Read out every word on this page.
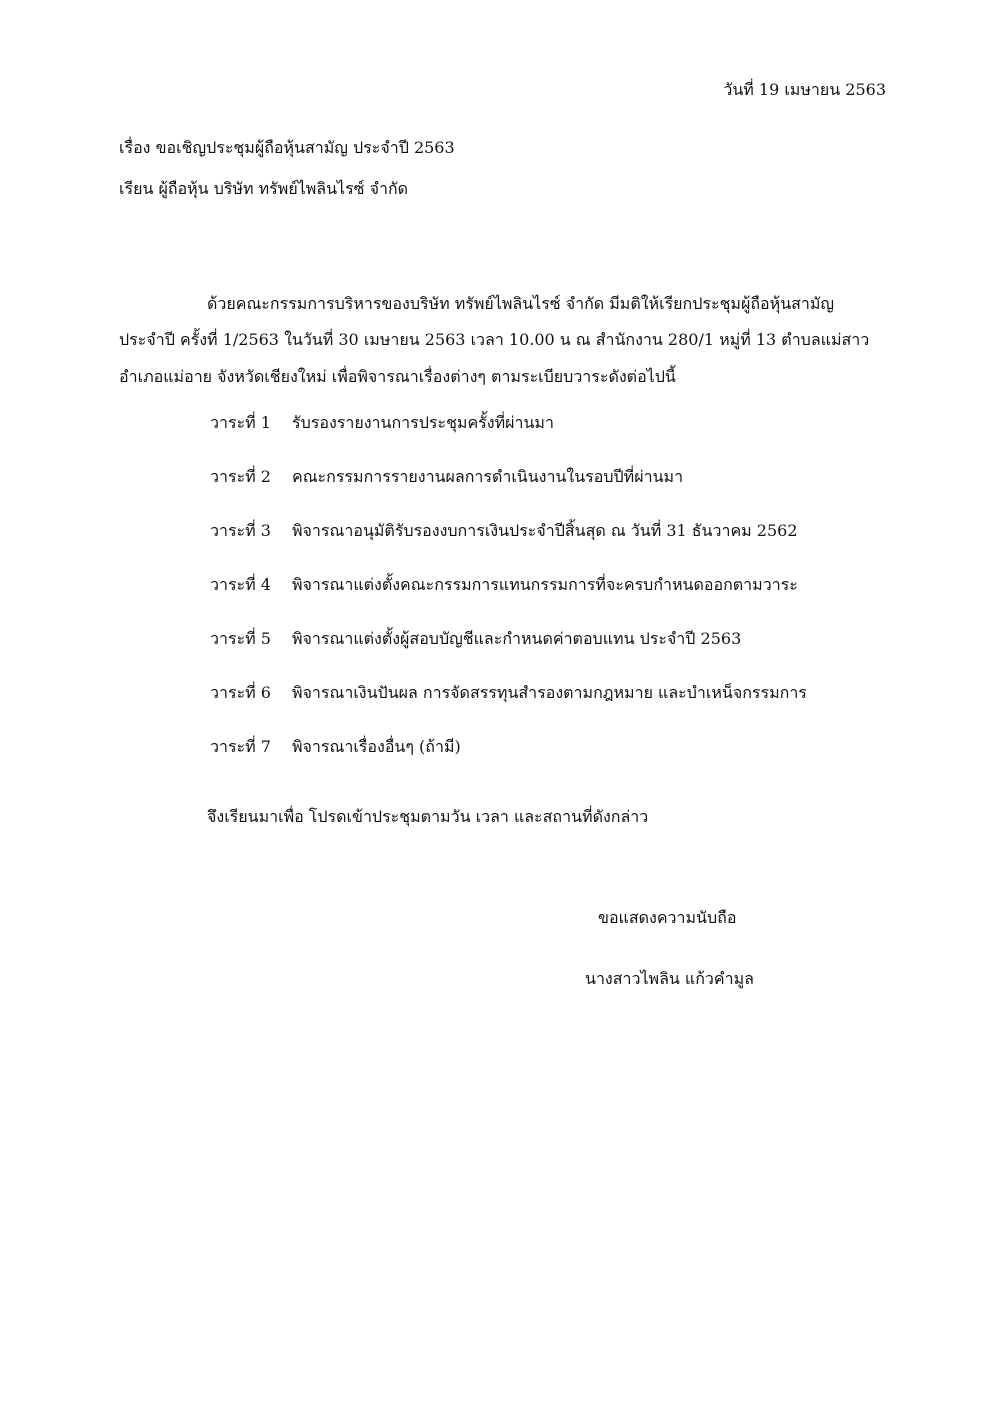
วันที่ 19 เมษายน 2563
เรื่อง ขอเชิญประชุมผู้ถือหุ้นสามัญ ประจำปี 2563
เรียน ผู้ถือหุ้น บริษัท ทรัพย์ไพลินไรซ์ จำกัด
ด้วยคณะกรรมการบริหารของบริษัท ทรัพย์ไพลินไรซ์ จำกัด มีมติให้เรียกประชุมผู้ถือหุ้นสามัญ
ประจำปี ครั้งที่ 1/2563 ในวันที่ 30 เมษายน 2563 เวลา 10.00 น ณ สำนักงาน 280/1 หมู่ที่ 13 ตำบลแม่สาว
อำเภอแม่อาย จังหวัดเชียงใหม่ เพื่อพิจารณาเรื่องต่างๆ ตามระเบียบวาระดังต่อไปนี้
วาระที่ 1 รับรองรายงานการประชุมครั้งที่ผ่านมา
วาระที่ 2 คณะกรรมการรายงานผลการดำเนินงานในรอบปีที่ผ่านมา
วาระที่ 3 พิจารณาอนุมัติรับรองงบการเงินประจำปีสิ้นสุด ณ วันที่ 31 ธันวาคม 2562
วาระที่ 4 พิจารณาแต่งตั้งคณะกรรมการแทนกรรมการที่จะครบกำหนดออกตามวาระ
วาระที่ 5 พิจารณาแต่งตั้งผู้สอบบัญชีและกำหนดค่าตอบแทน ประจำปี 2563
วาระที่ 6 พิจารณาเงินปันผล การจัดสรรทุนสำรองตามกฎหมาย และบำเหน็จกรรมการ
วาระที่ 7 พิจารณาเรื่องอื่นๆ (ถ้ามี)
จึงเรียนมาเพื่อ โปรดเข้าประชุมตามวัน เวลา และสถานที่ดังกล่าว
ขอแสดงความนับถือ
นางสาวไพลิน แก้วคำมูล
